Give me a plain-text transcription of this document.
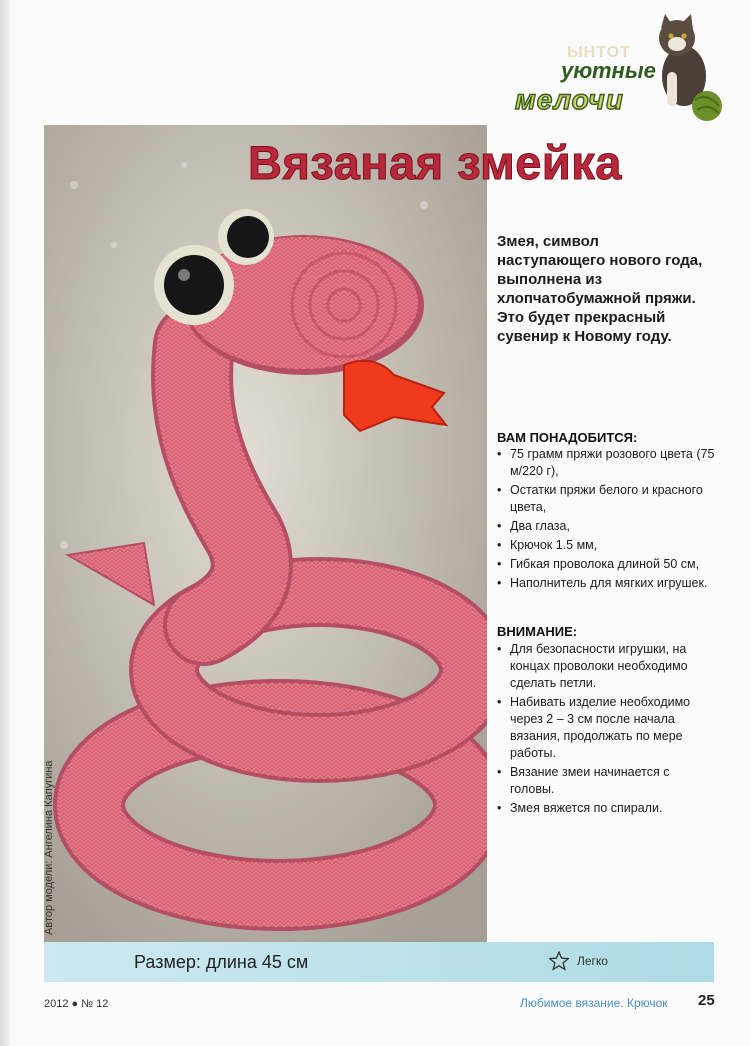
ЫНТОТ
уютные
мелочи
Автор модели: Ангелина Капугина
Вязаная змейка

Змея, символ наступающего нового года, выполнена из хлопчатобумажной пряжи. Это будет прекрасный сувенир к Новому году.

ВАМ ПОНАДОБИТСЯ:
• 75 грамм пряжи розового цвета (75 м/220 г),
• Остатки пряжи белого и красного цвета,
• Два глаза,
• Крючок 1.5 мм,
• Гибкая проволока длиной 50 см,
• Наполнитель для мягких игрушек.
ВНИМАНИЕ:
• Для безопасности игрушки, на концах проволоки необходимо сделать петли.
• Набивать изделие необходимо через 2 – 3 см после начала вязания, продолжать по мере работы.
• Вязание змеи начинается с головы.
• Змея вяжется по спирали.
Размер: длина 45 см	Легко
2012 ● № 12	Любимое вязание. Крючок 25
